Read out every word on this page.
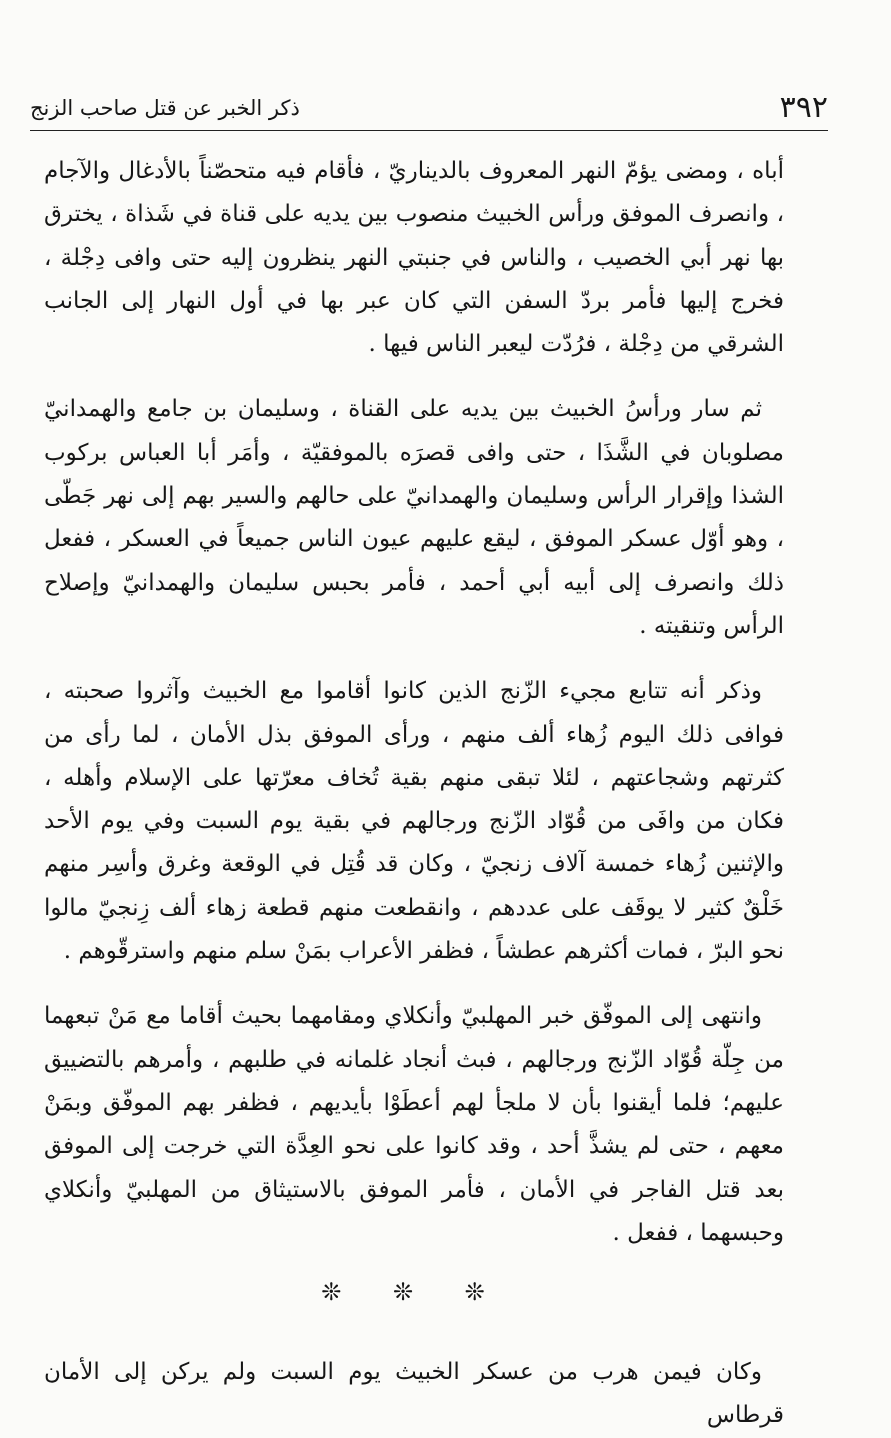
٣٩٢
ذكر الخبر عن قتل صاحب الزنج

أباه ، ومضى يؤمّ النهر المعروف بالديناريّ ، فأقام فيه متحصّناً بالأدغال والآجام ، وانصرف الموفق ورأس الخبيث منصوب بين يديه على قناة في شَذاة ، يخترق بها نهر أبي الخصيب ، والناس في جنبتي النهر ينظرون إليه حتى وافى دِجْلة ، فخرج إليها فأمر بردّ السفن التي كان عبر بها في أول النهار إلى الجانب الشرقي من دِجْلة ، فرُدّت ليعبر الناس فيها .

ثم سار ورأسُ الخبيث بين يديه على القناة ، وسليمان بن جامع والهمدانيّ مصلوبان في الشَّذَا ، حتى وافى قصرَه بالموفقيّة ، وأمَر أبا العباس بركوب الشذا وإقرار الرأس وسليمان والهمدانيّ على حالهم والسير بهم إلى نهر جَطّى ، وهو أوّل عسكر الموفق ، ليقع عليهم عيون الناس جميعاً في العسكر ، ففعل ذلك وانصرف إلى أبيه أبي أحمد ، فأمر بحبس سليمان والهمدانيّ وإصلاح الرأس وتنقيته .

وذكر أنه تتابع مجيء الزّنج الذين كانوا أقاموا مع الخبيث وآثروا صحبته ، فوافى ذلك اليوم زُهاء ألف منهم ، ورأى الموفق بذل الأمان ، لما رأى من كثرتهم وشجاعتهم ، لئلا تبقى منهم بقية تُخاف معرّتها على الإسلام وأهله ، فكان من وافَى من قُوّاد الزّنج ورجالهم في بقية يوم السبت وفي يوم الأحد والإثنين زُهاء خمسة آلاف زنجيّ ، وكان قد قُتِل في الوقعة وغرق وأسِر منهم خَلْقٌ كثير لا يوقَف على عددهم ، وانقطعت منهم قطعة زهاء ألف زِنجيّ مالوا نحو البرّ ، فمات أكثرهم عطشاً ، فظفر الأعراب بمَنْ سلم منهم واسترقّوهم .

وانتهى إلى الموفّق خبر المهلبيّ وأنكلاي ومقامهما بحيث أقاما مع مَنْ تبعهما من جِلّة قُوّاد الزّنج ورجالهم ، فبث أنجاد غلمانه في طلبهم ، وأمرهم بالتضييق عليهم؛ فلما أيقنوا بأن لا ملجأ لهم أعطَوْا بأيديهم ، فظفر بهم الموفّق وبمَنْ معهم ، حتى لم يشذَّ أحد ، وقد كانوا على نحو العِدَّة التي خرجت إلى الموفق بعد قتل الفاجر في الأمان ، فأمر الموفق بالاستيثاق من المهلبيّ وأنكلاي وحبسهما ، ففعل .

❊ ❊ ❊

وكان فيمن هرب من عسكر الخبيث يوم السبت ولم يركن إلى الأمان قرطاس
